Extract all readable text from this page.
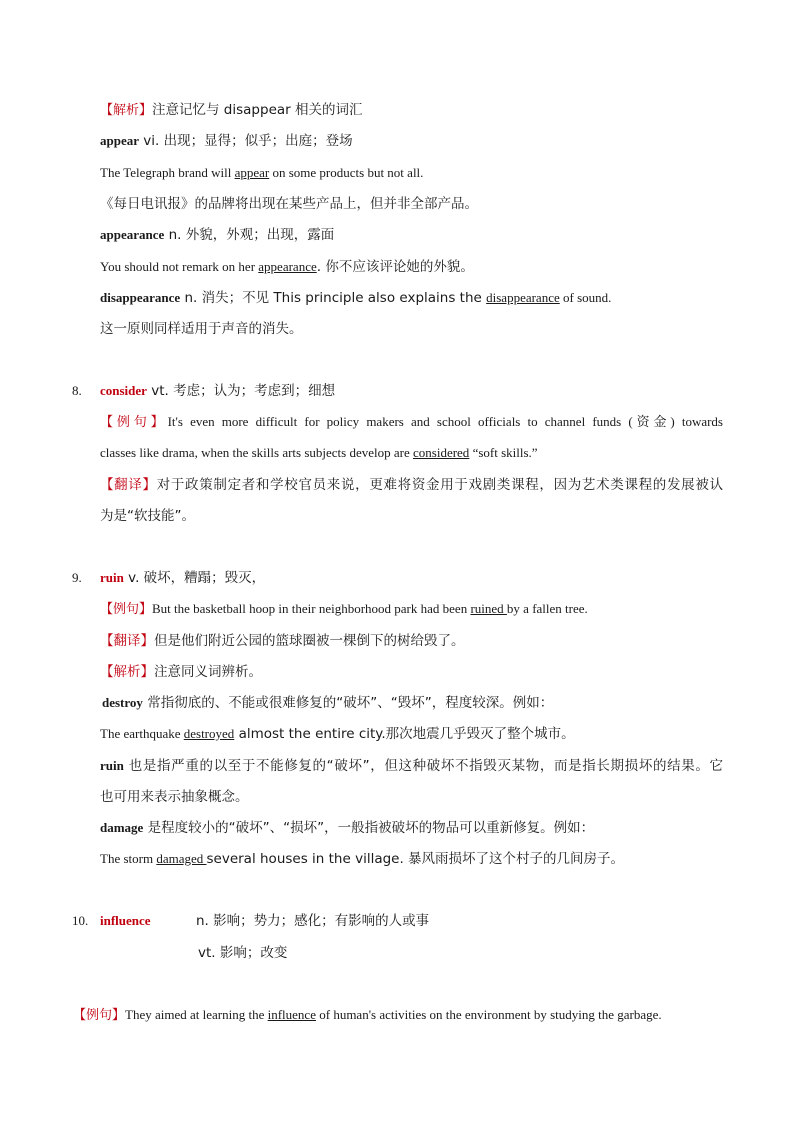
【解析】注意记忆与 disappear 相关的词汇
appear vi. 出现；显得；似乎；出庭；登场
The Telegraph brand will appear on some products but not all.
《每日电讯报》的品牌将出现在某些产品上，但并非全部产品。
appearance n. 外貌，外观；出现，露面
You should not remark on her appearance. 你不应该评论她的外貌。
disappearance n. 消失；不见 This principle also explains the disappearance of sound.
这一原则同样适用于声音的消失。
8. consider vt. 考虑；认为；考虑到；细想
【例句】It's even more difficult for policy makers and school officials to channel funds (资金) towards
classes like drama, when the skills arts subjects develop are considered “soft skills.”
【翻译】对于政策制定者和学校官员来说，更难将资金用于戏剧类课程，因为艺术类课程的发展被认
为是“软技能”。
9. ruin v. 破坏，糟蹋；毁灭，
【例句】But the basketball hoop in their neighborhood park had been ruined by a fallen tree.
【翻译】但是他们附近公园的篮球圈被一棵倒下的树给毁了。
【解析】注意同义词辨析。
destroy 常指彻底的、不能或很难修复的“破坏”、“毁坏”，程度较深。例如：
The earthquake destroyed almost the entire city.那次地震几乎毁灭了整个城市。
ruin 也是指严重的以至于不能修复的“破坏”，但这种破坏不指毁灭某物，而是指长期损坏的结果。它
也可用来表示抽象概念。
damage 是程度较小的“破坏”、“损坏”，一般指被破坏的物品可以重新修复。例如：
The storm damaged several houses in the village. 暴风雨损坏了这个村子的几间房子。
10. influence	n. 影响；势力；感化；有影响的人或事
vt. 影响；改变
【例句】They aimed at learning the influence of human's activities on the environment by studying the garbage.
